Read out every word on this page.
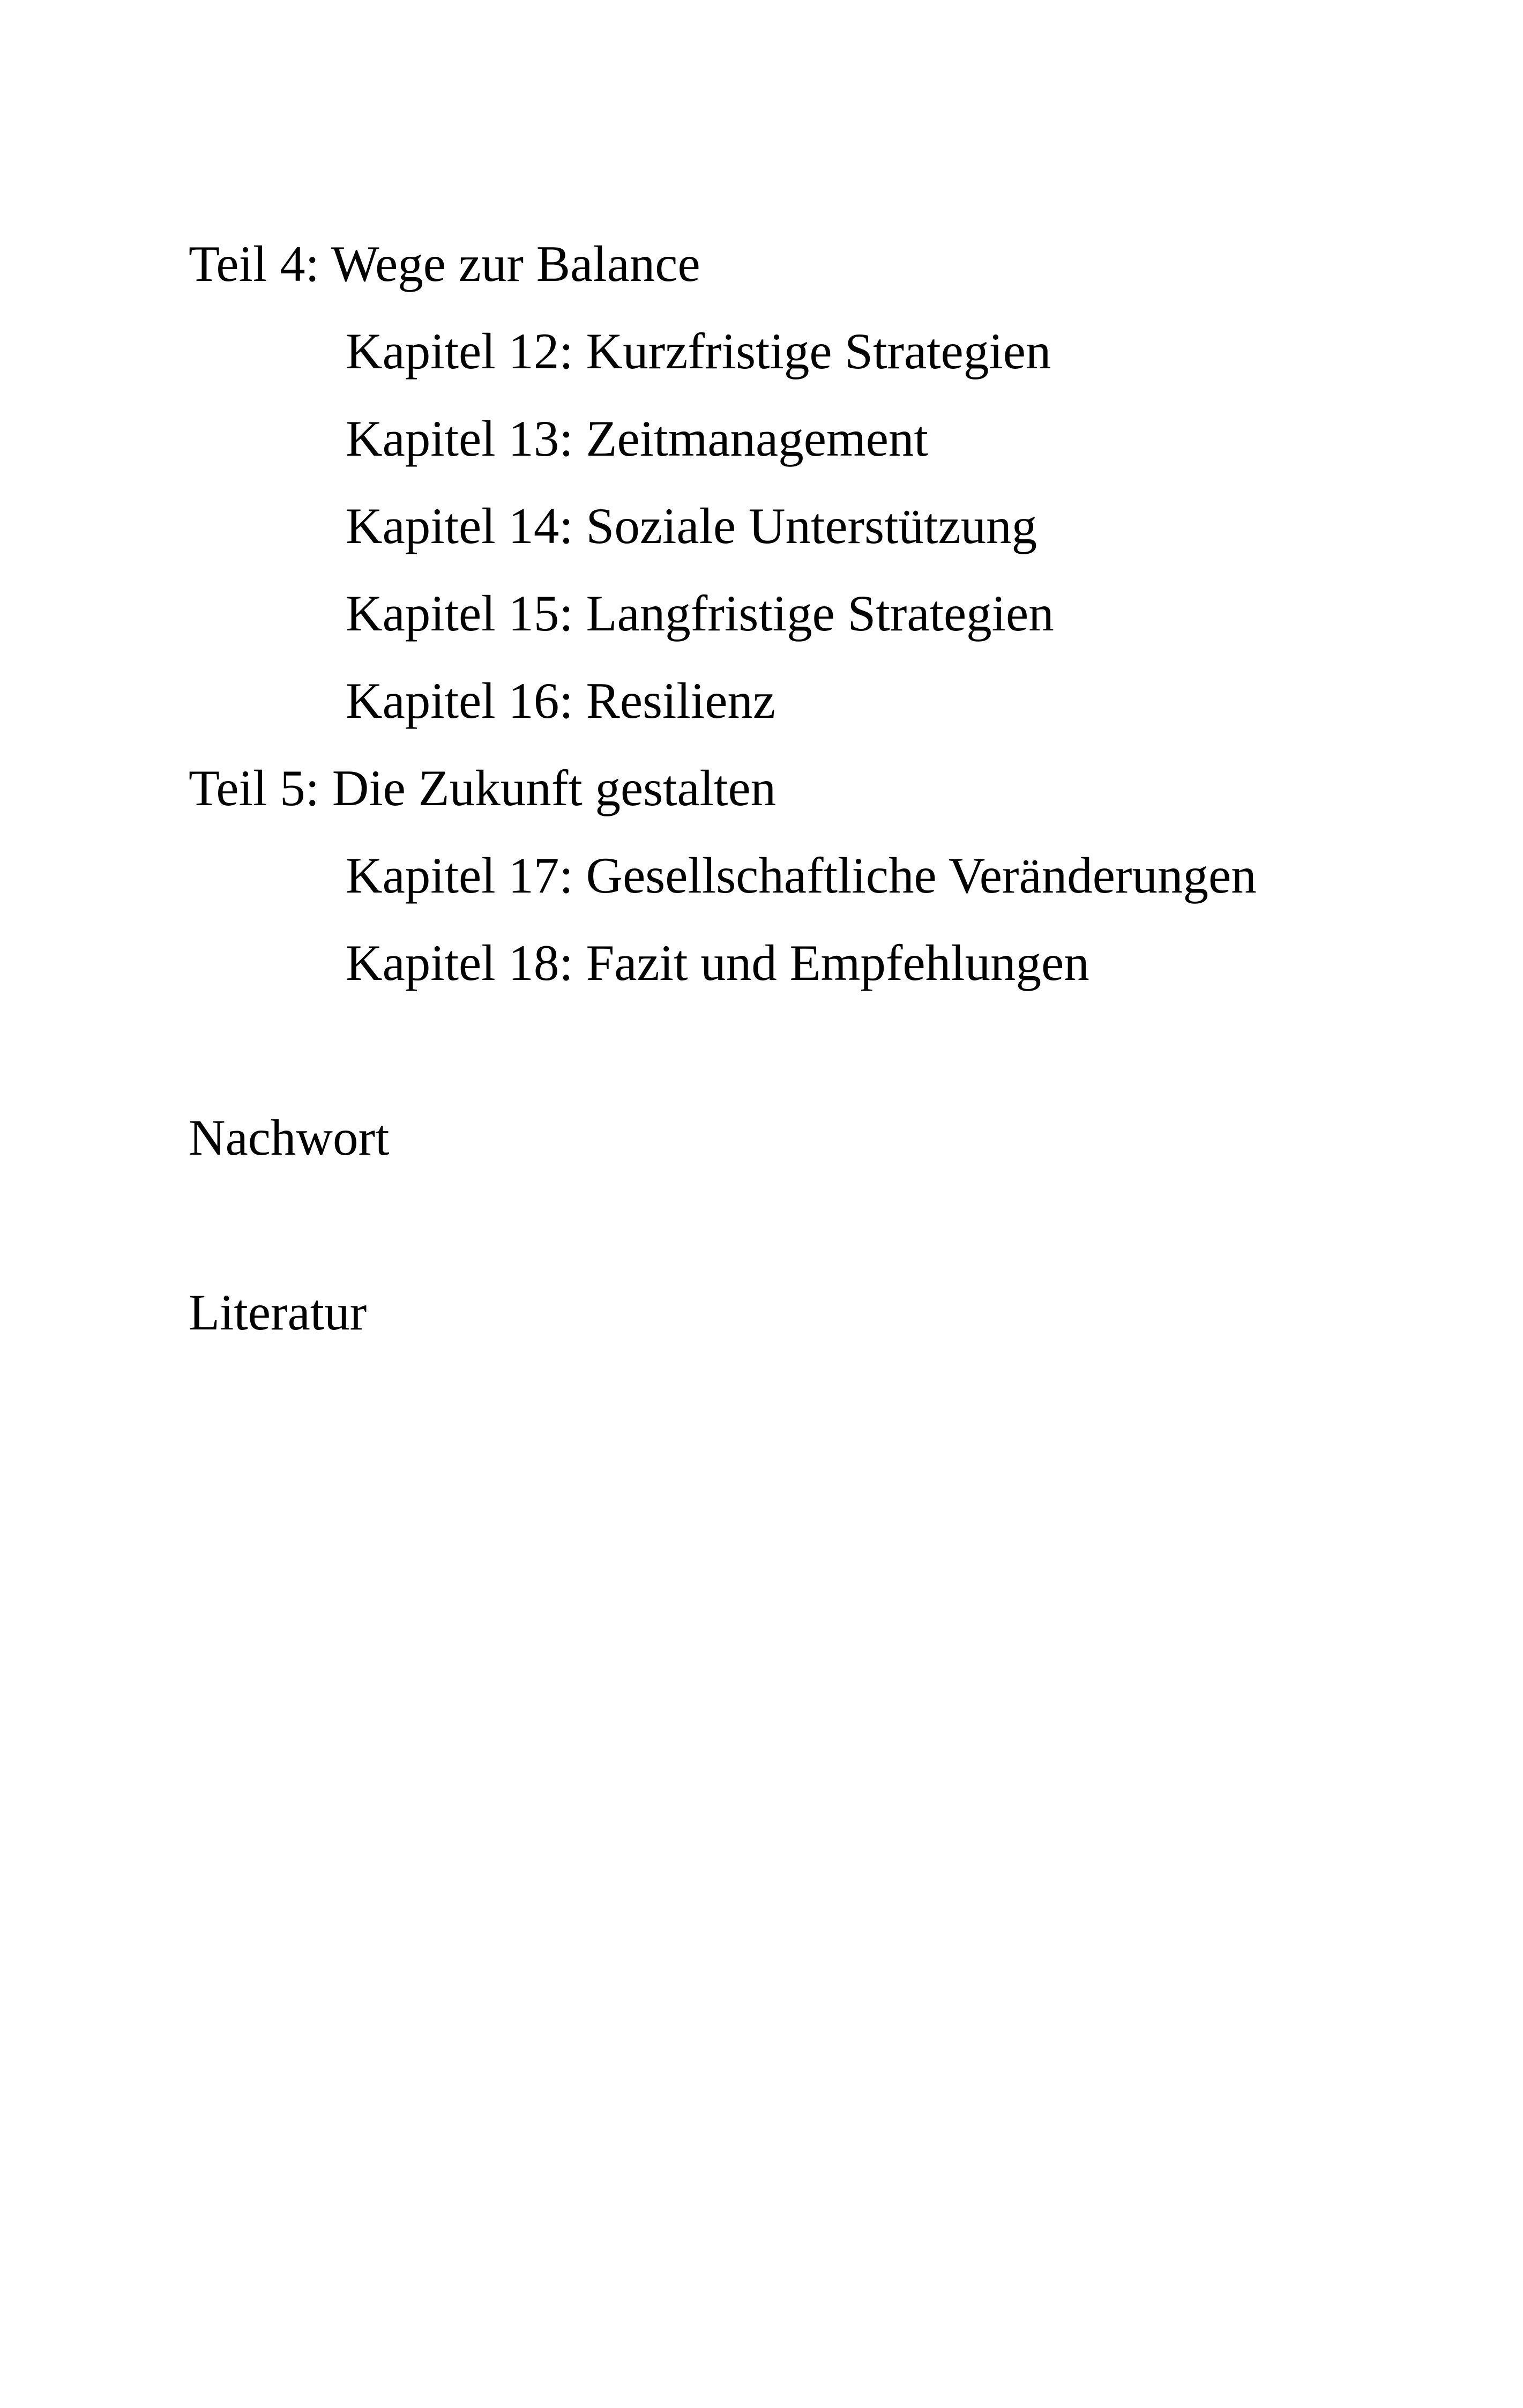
Teil 4: Wege zur Balance
Kapitel 12: Kurzfristige Strategien
Kapitel 13: Zeitmanagement
Kapitel 14: Soziale Unterstützung
Kapitel 15: Langfristige Strategien
Kapitel 16: Resilienz
Teil 5: Die Zukunft gestalten
Kapitel 17: Gesellschaftliche Veränderungen
Kapitel 18: Fazit und Empfehlungen
Nachwort
Literatur
